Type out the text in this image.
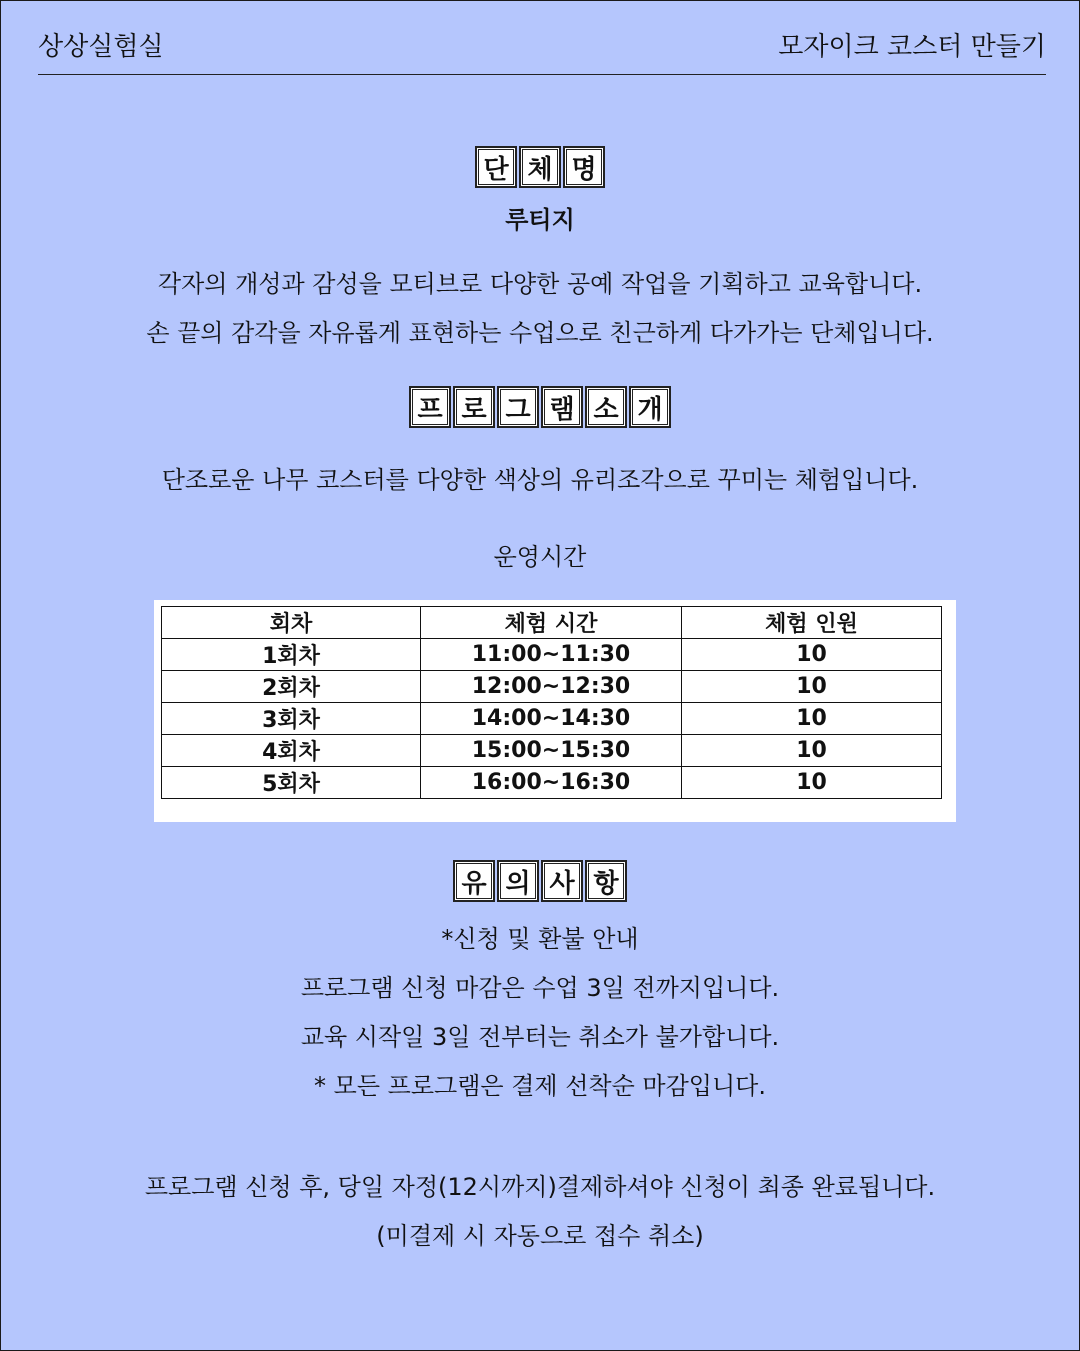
상상실험실	모자이크 코스터 만들기
단 체 명
루티지
각자의 개성과 감성을 모티브로 다양한 공예 작업을 기획하고 교육합니다.
손 끝의 감각을 자유롭게 표현하는 수업으로 친근하게 다가가는 단체입니다.
프 로 그 램 소 개
단조로운 나무 코스터를 다양한 색상의 유리조각으로 꾸미는 체험입니다.
운영시간
회차	체험 시간	체험 인원
1회차	11:00~11:30	10
2회차	12:00~12:30	10
3회차	14:00~14:30	10
4회차	15:00~15:30	10
5회차	16:00~16:30	10
유 의 사 항
*신청 및 환불 안내
프로그램 신청 마감은 수업 3일 전까지입니다.
교육 시작일 3일 전부터는 취소가 불가합니다.
* 모든 프로그램은 결제 선착순 마감입니다.
프로그램 신청 후, 당일 자정(12시까지)결제하셔야 신청이 최종 완료됩니다.
(미결제 시 자동으로 접수 취소)
